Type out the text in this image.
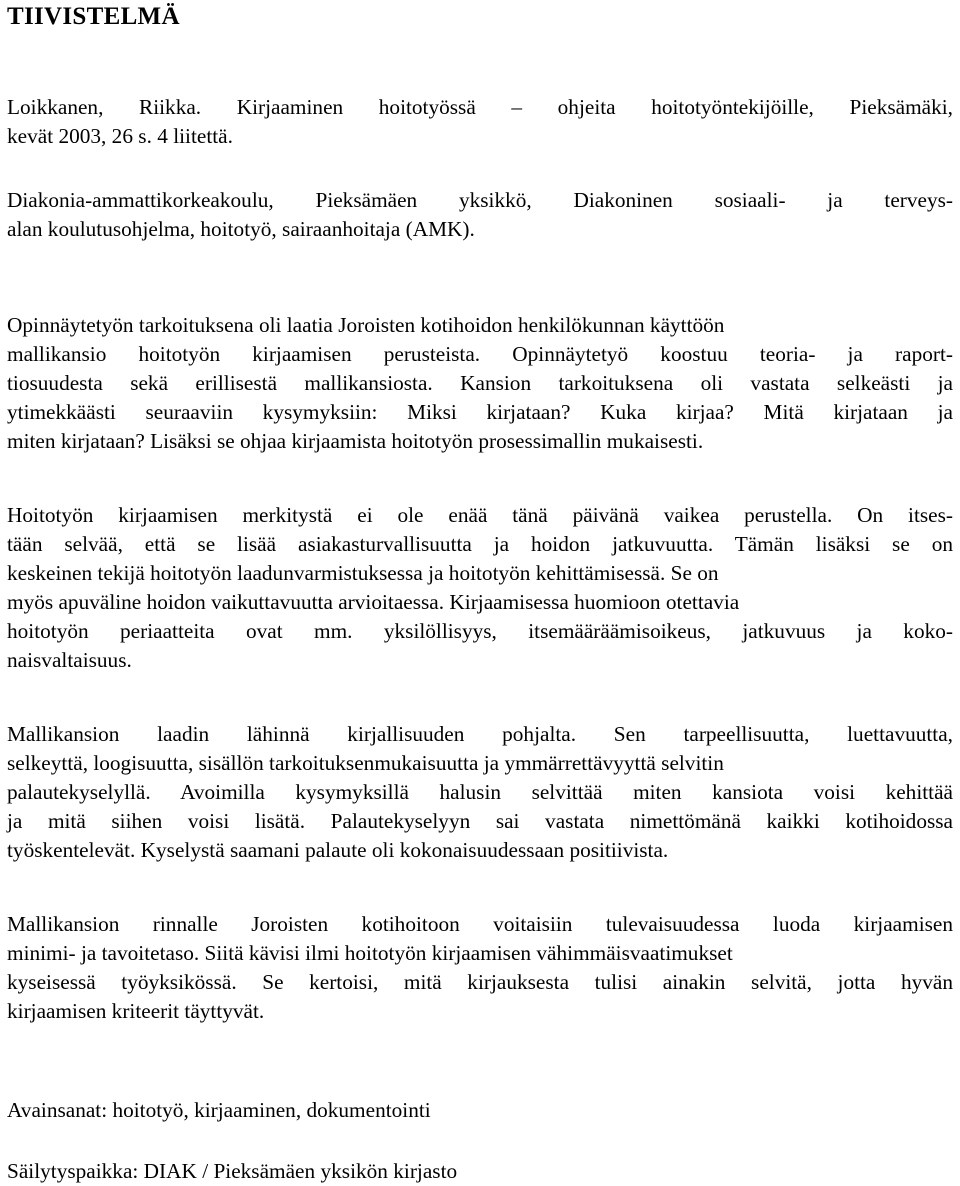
TIIVISTELMÄ
Loikkanen, Riikka. Kirjaaminen hoitotyössä – ohjeita hoitotyöntekijöille, Pieksämäki,
kevät 2003, 26 s. 4 liitettä.
Diakonia-ammattikorkeakoulu, Pieksämäen yksikkö, Diakoninen sosiaali- ja terveys-
alan koulutusohjelma, hoitotyö, sairaanhoitaja (AMK).
Opinnäytetyön tarkoituksena oli laatia Joroisten kotihoidon henkilökunnan käyttöön
mallikansio hoitotyön kirjaamisen perusteista. Opinnäytetyö koostuu teoria- ja raport-
tiosuudesta sekä erillisestä mallikansiosta. Kansion tarkoituksena oli vastata selkeästi ja
ytimekkäästi seuraaviin kysymyksiin: Miksi kirjataan? Kuka kirjaa? Mitä kirjataan ja
miten kirjataan? Lisäksi se ohjaa kirjaamista hoitotyön prosessimallin mukaisesti.
Hoitotyön kirjaamisen merkitystä ei ole enää tänä päivänä vaikea perustella. On itses-
tään selvää, että se lisää asiakasturvallisuutta ja hoidon jatkuvuutta. Tämän lisäksi se on
keskeinen tekijä hoitotyön laadunvarmistuksessa ja hoitotyön kehittämisessä. Se on
myös apuväline hoidon vaikuttavuutta arvioitaessa. Kirjaamisessa huomioon otettavia
hoitotyön periaatteita ovat mm. yksilöllisyys, itsemääräämisoikeus, jatkuvuus ja koko-
naisvaltaisuus.
Mallikansion laadin lähinnä kirjallisuuden pohjalta. Sen tarpeellisuutta, luettavuutta,
selkeyttä, loogisuutta, sisällön tarkoituksenmukaisuutta ja ymmärrettävyyttä selvitin
palautekyselyllä. Avoimilla kysymyksillä halusin selvittää miten kansiota voisi kehittää
ja mitä siihen voisi lisätä. Palautekyselyyn sai vastata nimettömänä kaikki kotihoidossa
työskentelevät. Kyselystä saamani palaute oli kokonaisuudessaan positiivista.
Mallikansion rinnalle Joroisten kotihoitoon voitaisiin tulevaisuudessa luoda kirjaamisen
minimi- ja tavoitetaso. Siitä kävisi ilmi hoitotyön kirjaamisen vähimmäisvaatimukset
kyseisessä työyksikössä. Se kertoisi, mitä kirjauksesta tulisi ainakin selvitä, jotta hyvän
kirjaamisen kriteerit täyttyvät.
Avainsanat: hoitotyö, kirjaaminen, dokumentointi
Säilytyspaikka: DIAK / Pieksämäen yksikön kirjasto
